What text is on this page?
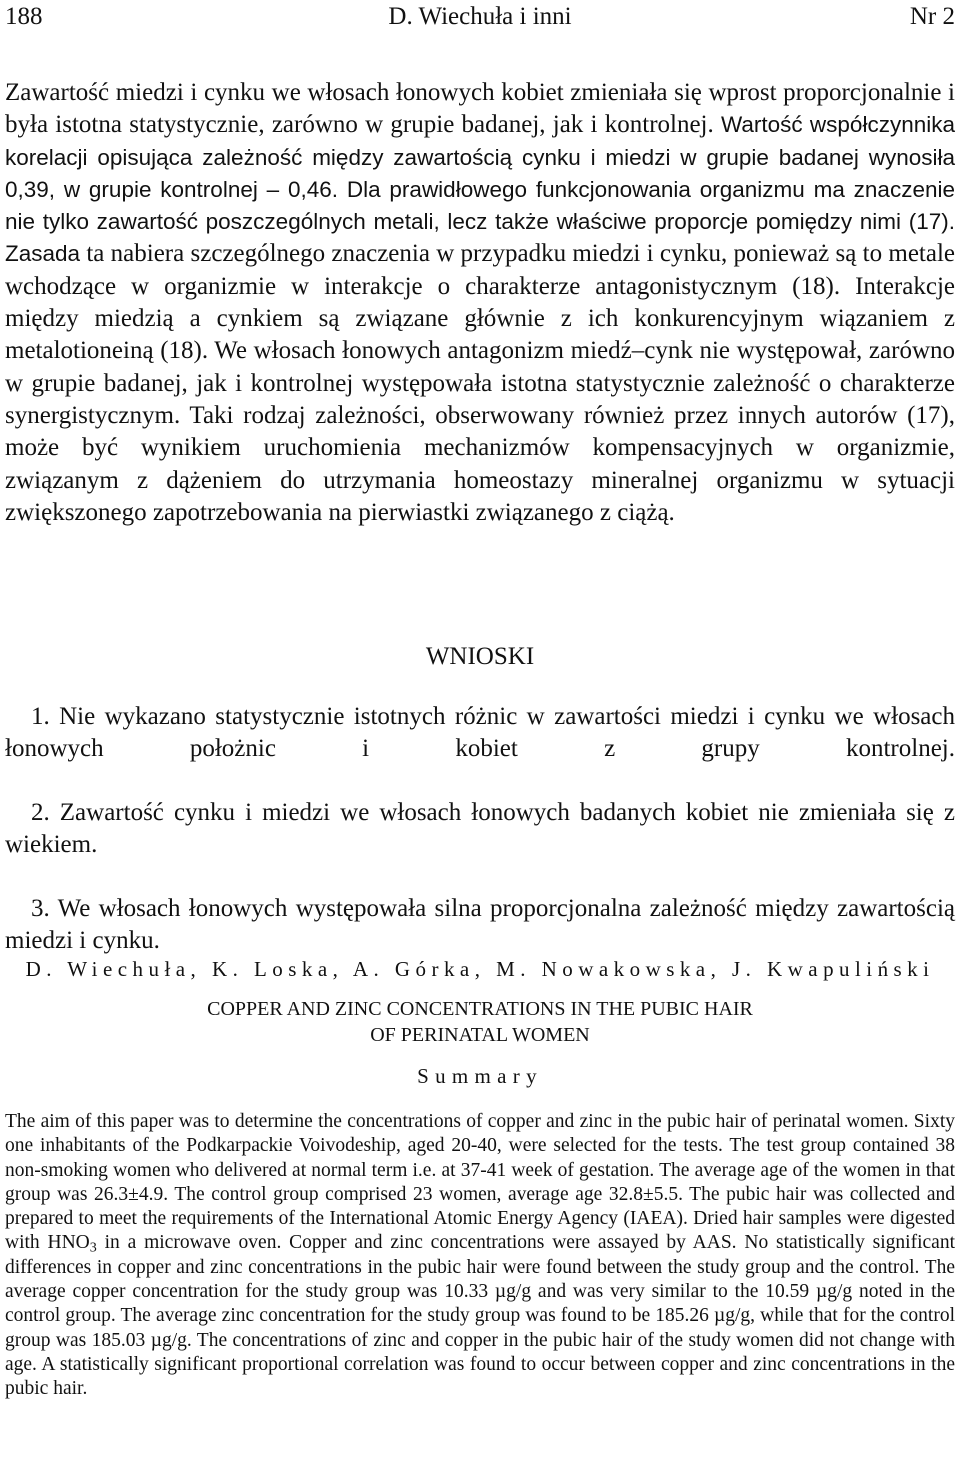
188	D. Wiechuła i inni	Nr 2

Zawartość miedzi i cynku we włosach łonowych kobiet zmieniała się wprost proporcjonalnie i była istotna statystycznie, zarówno w grupie badanej, jak i kontrolnej. Wartość współczynnika korelacji opisująca zależność między zawartością cynku i miedzi w grupie badanej wynosiła 0,39, w grupie kontrolnej – 0,46. Dla prawidłowego funkcjonowania organizmu ma znaczenie nie tylko zawartość poszczególnych metali, lecz także właściwe proporcje pomiędzy nimi (17). Zasada ta nabiera szczególnego znaczenia w przypadku miedzi i cynku, ponieważ są to metale wchodzące w organizmie w interakcje o charakterze antagonistycznym (18). Interakcje między miedzią a cynkiem są związane głównie z ich konkurencyjnym wiązaniem z metalotioneiną (18). We włosach łonowych antagonizm miedź–cynk nie występował, zarówno w grupie badanej, jak i kontrolnej występowała istotna statystycznie zależność o charakterze synergistycznym. Taki rodzaj zależności, obserwowany również przez innych autorów (17), może być wynikiem uruchomienia mechanizmów kompensacyjnych w organizmie, związanym z dążeniem do utrzymania homeostazy mineralnej organizmu w sytuacji zwiększonego zapotrzebowania na pierwiastki związanego z ciążą.

WNIOSKI
1. Nie wykazano statystycznie istotnych różnic w zawartości miedzi i cynku we włosach łonowych położnic i kobiet z grupy kontrolnej.
2. Zawartość cynku i miedzi we włosach łonowych badanych kobiet nie zmieniała się z wiekiem.
3. We włosach łonowych występowała silna proporcjonalna zależność między zawartością miedzi i cynku.
D. Wiechuła, K. Loska, A. Górka, M. Nowakowska, J. Kwapuliński
COPPER AND ZINC CONCENTRATIONS IN THE PUBIC HAIR
OF PERINATAL WOMEN
Summary

The aim of this paper was to determine the concentrations of copper and zinc in the pubic hair of perinatal women. Sixty one inhabitants of the Podkarpackie Voivodeship, aged 20-40, were selected for the tests. The test group contained 38 non-smoking women who delivered at normal term i.e. at 37-41 week of gestation. The average age of the women in that group was 26.3±4.9. The control group comprised 23 women, average age 32.8±5.5. The pubic hair was collected and prepared to meet the requirements of the International Atomic Energy Agency (IAEA). Dried hair samples were digested with $HNO_3$ in a microwave oven. Copper and zinc concentrations were assayed by AAS. No statistically significant differences in copper and zinc concentrations in the pubic hair were found between the study group and the control. The average copper concentration for the study group was 10.33 µg/g and was very similar to the 10.59 µg/g noted in the control group. The average zinc concentration for the study group was found to be 185.26 µg/g, while that for the control group was 185.03 µg/g. The concentrations of zinc and copper in the pubic hair of the study women did not change with age. A statistically significant proportional correlation was found to occur between copper and zinc concentrations in the pubic hair.
